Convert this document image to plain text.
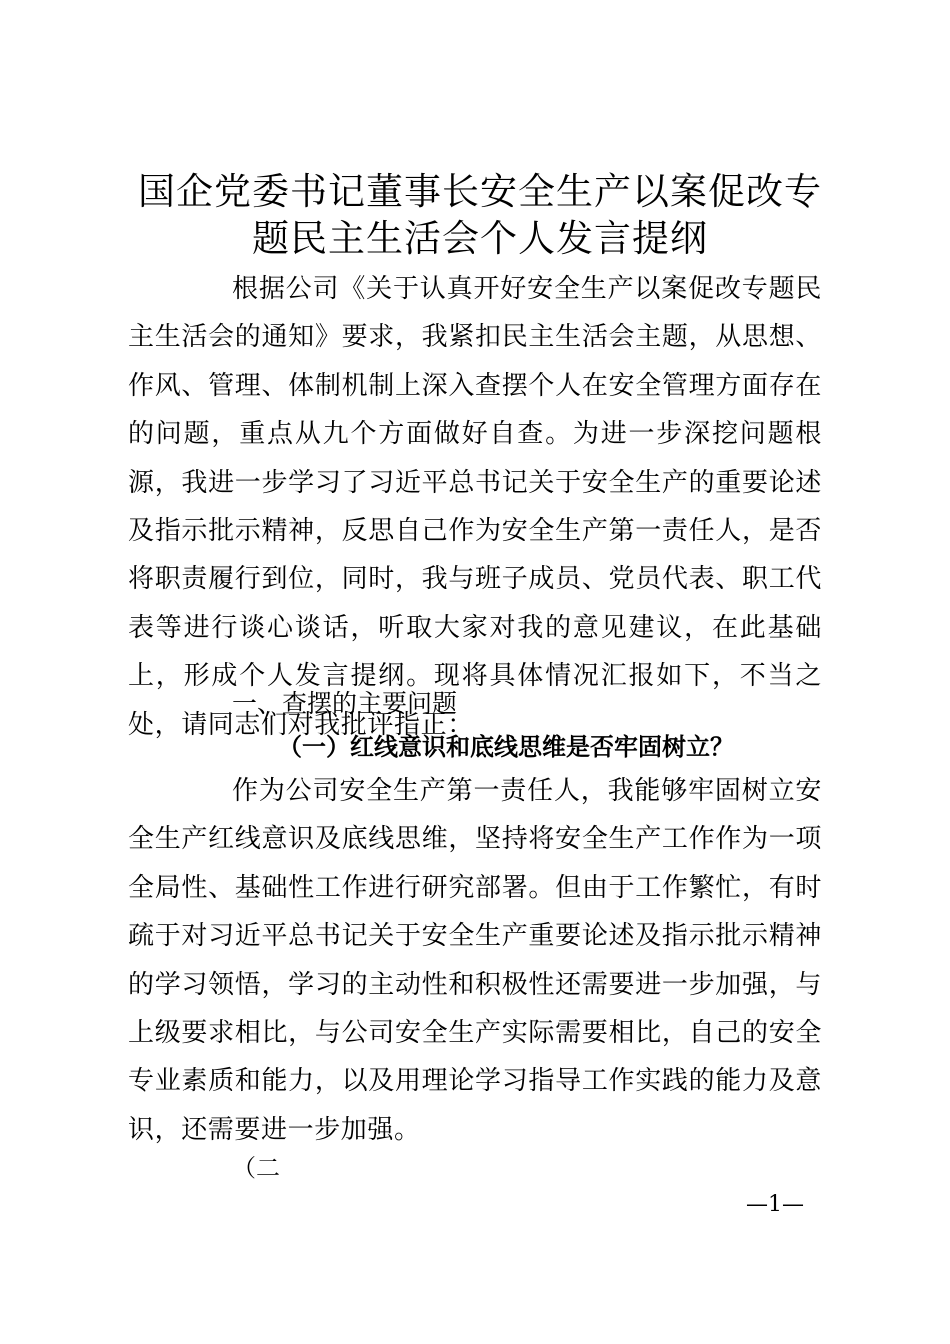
国企党委书记董事长安全生产以案促改专题民主生活会个人发言提纲

根据公司《关于认真开好安全生产以案促改专题民主生活会的通知》要求，我紧扣民主生活会主题，从思想、作风、管理、体制机制上深入查摆个人在安全管理方面存在的问题，重点从九个方面做好自查。为进一步深挖问题根源，我进一步学习了习近平总书记关于安全生产的重要论述及指示批示精神，反思自己作为安全生产第一责任人，是否将职责履行到位，同时，我与班子成员、党员代表、职工代表等进行谈心谈话，听取大家对我的意见建议，在此基础上，形成个人发言提纲。现将具体情况汇报如下，不当之处，请同志们对我批评指正：

一、查摆的主要问题
（一）红线意识和底线思维是否牢固树立？

作为公司安全生产第一责任人，我能够牢固树立安全生产红线意识及底线思维，坚持将安全生产工作作为一项全局性、基础性工作进行研究部署。但由于工作繁忙，有时疏于对习近平总书记关于安全生产重要论述及指示批示精神的学习领悟，学习的主动性和积极性还需要进一步加强，与上级要求相比，与公司安全生产实际需要相比，自己的安全专业素质和能力，以及用理论学习指导工作实践的能力及意识，还需要进一步加强。

（二

—1—
